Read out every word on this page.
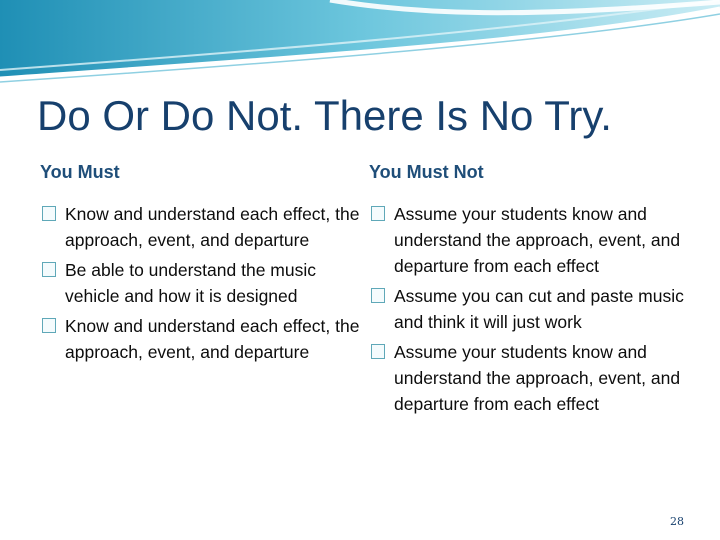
Do Or Do Not. There Is No Try.
You Must
Know and understand each effect, the approach, event, and departure
Be able to understand the music vehicle and how it is designed
Know and understand each effect, the approach, event, and departure
You Must Not
Assume your students know and understand the approach, event, and departure from each effect
Assume you can cut and paste music and think it will just work
Assume your students know and understand the approach, event, and departure from each effect
28
